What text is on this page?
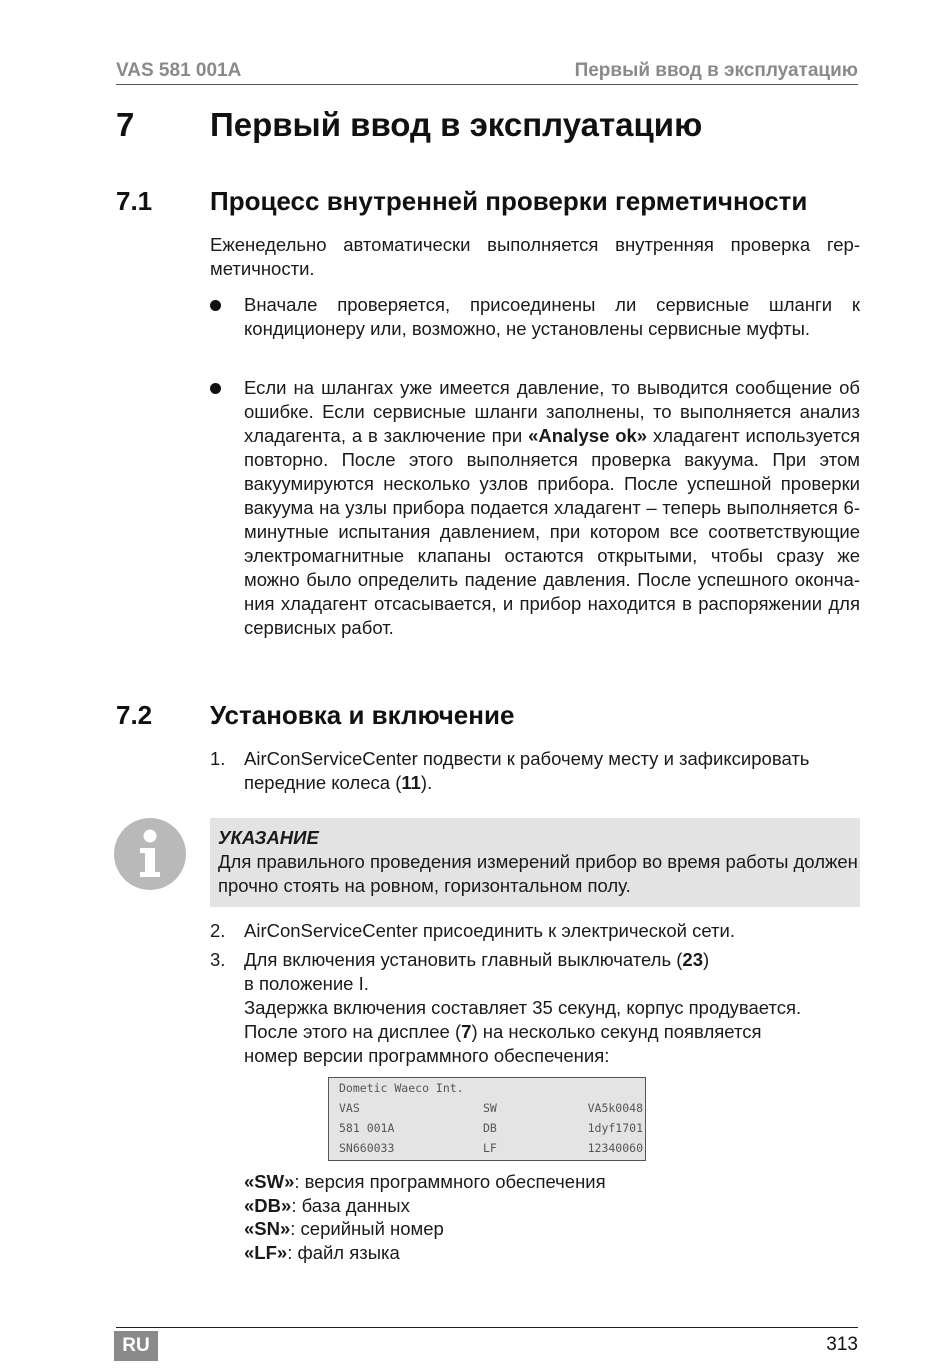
VAS 581 001A	Первый ввод в эксплуатацию
7 Первый ввод в эксплуатацию
7.1 Процесс внутренней проверки герметичности
Еженедельно автоматически выполняется внутренняя проверка герметичности.
Вначале проверяется, присоединены ли сервисные шланги к кондиционеру или, возможно, не установлены сервисные муфты.
Если на шлангах уже имеется давление, то выводится сообщение об ошибке. Если сервисные шланги заполнены, то выполняется анализ хладагента, а в заключение при «Analyse ok» хладагент используется повторно. После этого выполняется проверка вакуума. При этом вакуумируются несколько узлов прибора. После успешной проверки вакуума на узлы прибора подается хладагент – теперь выполняется 6-минутные испытания давлением, при котором все соответствующие электромагнитные клапаны остаются открытыми, чтобы сразу же можно было определить падение давления. После успешного окончания хладагент отсасывается, и прибор находится в распоряжении для сервисных работ.
7.2 Установка и включение
1. AirConServiceCenter подвести к рабочему месту и зафиксировать передние колеса (11).
УКАЗАНИЕ
Для правильного проведения измерений прибор во время работы должен прочно стоять на ровном, горизонтальном полу.
2. AirConServiceCenter присоединить к электрической сети.
3. Для включения установить главный выключатель (23)
в положение I.
Задержка включения составляет 35 секунд, корпус продувается.
После этого на дисплее (7) на несколько секунд появляется
номер версии программного обеспечения:
Dometic Waeco Int.
VAS	SW	VA5k0048
581 001A	DB	1dyf1701
SN660033	LF	12340060
«SW»: версия программного обеспечения
«DB»: база данных
«SN»: серийный номер
«LF»: файл языка
RU	313
